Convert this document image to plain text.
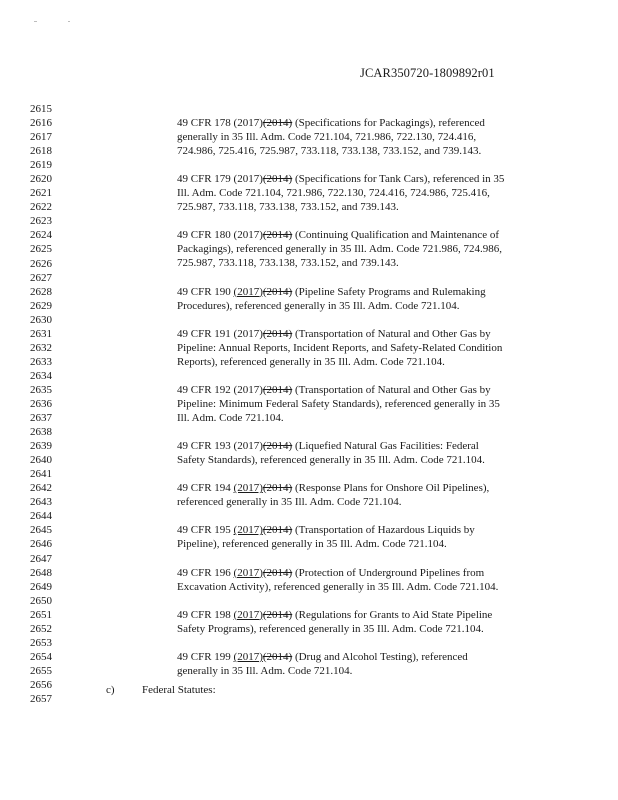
JCAR350720-1809892r01
2615
2616
2617
2618
2619
2620
2621
2622
2623
2624
2625
2626
2627
2628
2629
2630
2631
2632
2633
2634
2635
2636
2637
2638
2639
2640
2641
2642
2643
2644
2645
2646
2647
2648
2649
2650
2651
2652
2653
2654
2655
2656
2657

49 CFR 178 (2017)(2014) (Specifications for Packagings), referenced

generally in 35 Ill. Adm. Code 721.104, 721.986, 722.130, 724.416,

724.986, 725.416, 725.987, 733.118, 733.138, 733.152, and 739.143.

49 CFR 179 (2017)(2014) (Specifications for Tank Cars), referenced in 35

Ill. Adm. Code 721.104, 721.986, 722.130, 724.416, 724.986, 725.416,

725.987, 733.118, 733.138, 733.152, and 739.143.

49 CFR 180 (2017)(2014) (Continuing Qualification and Maintenance of

Packagings), referenced generally in 35 Ill. Adm. Code 721.986, 724.986,

725.987, 733.118, 733.138, 733.152, and 739.143.

49 CFR 190 (2017)(2014) (Pipeline Safety Programs and Rulemaking

Procedures), referenced generally in 35 Ill. Adm. Code 721.104.

49 CFR 191 (2017)(2014) (Transportation of Natural and Other Gas by

Pipeline: Annual Reports, Incident Reports, and Safety-Related Condition

Reports), referenced generally in 35 Ill. Adm. Code 721.104.

49 CFR 192 (2017)(2014) (Transportation of Natural and Other Gas by

Pipeline: Minimum Federal Safety Standards), referenced generally in 35

Ill. Adm. Code 721.104.

49 CFR 193 (2017)(2014) (Liquefied Natural Gas Facilities: Federal

Safety Standards), referenced generally in 35 Ill. Adm. Code 721.104.

49 CFR 194 (2017)(2014) (Response Plans for Onshore Oil Pipelines),

referenced generally in 35 Ill. Adm. Code 721.104.

49 CFR 195 (2017)(2014) (Transportation of Hazardous Liquids by

Pipeline), referenced generally in 35 Ill. Adm. Code 721.104.

49 CFR 196 (2017)(2014) (Protection of Underground Pipelines from

Excavation Activity), referenced generally in 35 Ill. Adm. Code 721.104.

49 CFR 198 (2017)(2014) (Regulations for Grants to Aid State Pipeline

Safety Programs), referenced generally in 35 Ill. Adm. Code 721.104.

49 CFR 199 (2017)(2014) (Drug and Alcohol Testing), referenced

generally in 35 Ill. Adm. Code 721.104.

c) Federal Statutes:
